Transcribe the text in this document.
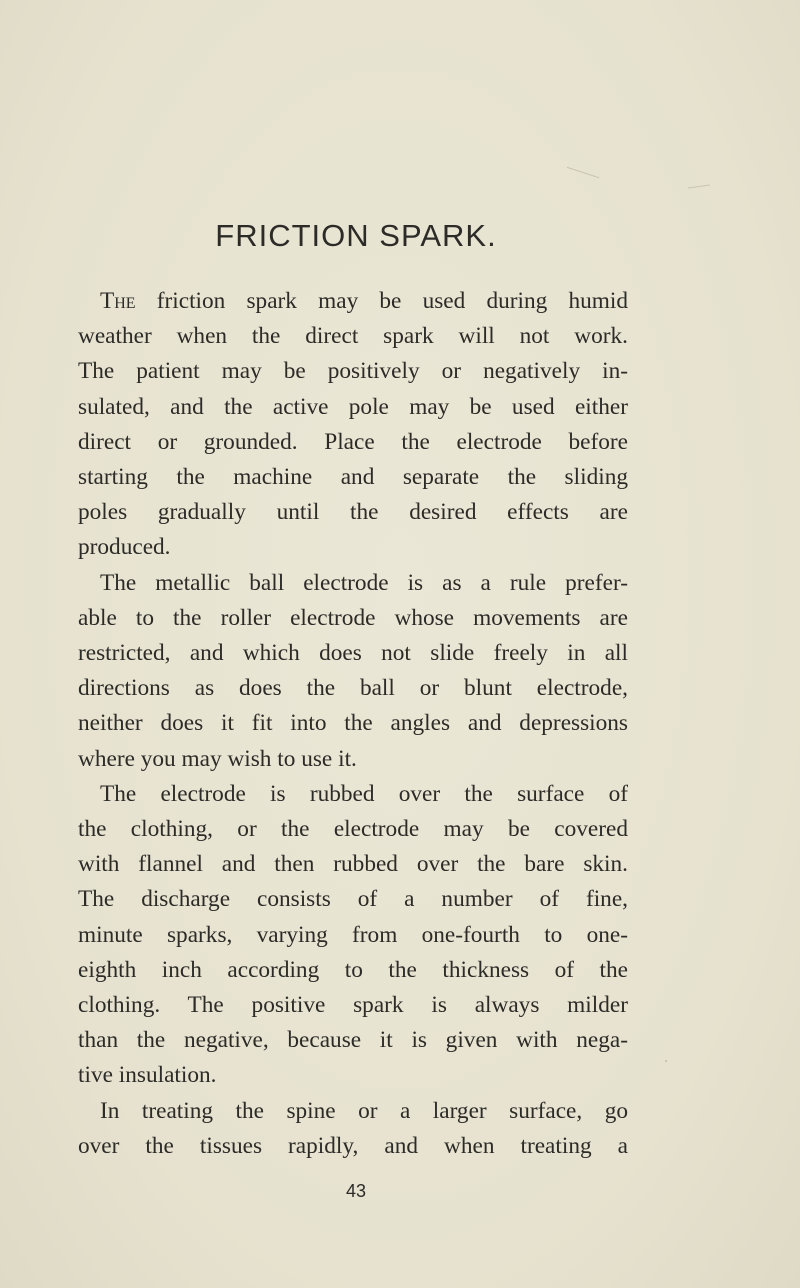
FRICTION SPARK.
The friction spark may be used during humid
weather when the direct spark will not work.
The patient may be positively or negatively in-
sulated, and the active pole may be used either
direct or grounded. Place the electrode before
starting the machine and separate the sliding
poles gradually until the desired effects are
produced.
The metallic ball electrode is as a rule prefer-
able to the roller electrode whose movements are
restricted, and which does not slide freely in all
directions as does the ball or blunt electrode,
neither does it fit into the angles and depressions
where you may wish to use it.
The electrode is rubbed over the surface of
the clothing, or the electrode may be covered
with flannel and then rubbed over the bare skin.
The discharge consists of a number of fine,
minute sparks, varying from one-fourth to one-
eighth inch according to the thickness of the
clothing. The positive spark is always milder
than the negative, because it is given with nega-
tive insulation.
In treating the spine or a larger surface, go
over the tissues rapidly, and when treating a
43
